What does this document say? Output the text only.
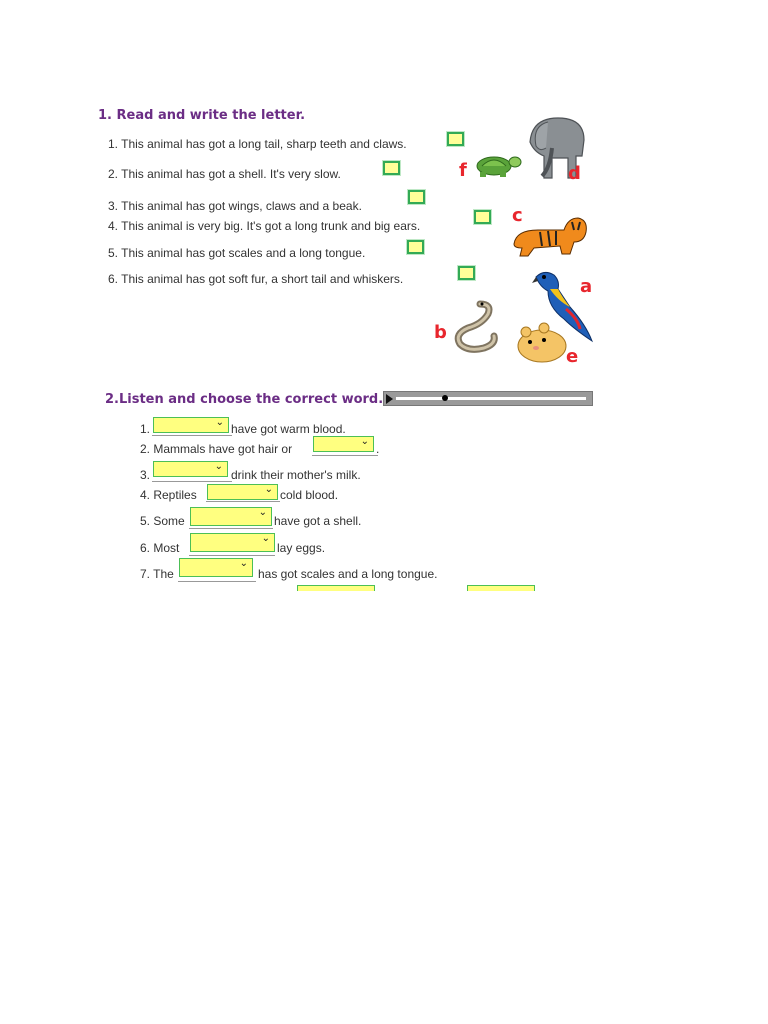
1. Read and write the letter.
1. This animal has got a long tail, sharp teeth and claws.
2. This animal has got a shell. It's very slow.
3. This animal has got wings, claws and a beak.
4. This animal is very big. It's got a long trunk and big ears.
5. This animal has got scales and a long tongue.
6. This animal has got soft fur, a short tail and whiskers.
f	d
c
a
b
e
2.Listen and choose the correct word.
1.	⌄ have got warm blood.
2. Mammals have got hair or
⌄
.
3.
⌄
drink their mother's milk.
4. Reptiles	⌄ cold blood.
5. Some
⌄
have got a shell.
6. Most
⌄
lay eggs.
7. The
⌄
has got scales and a long tongue.
